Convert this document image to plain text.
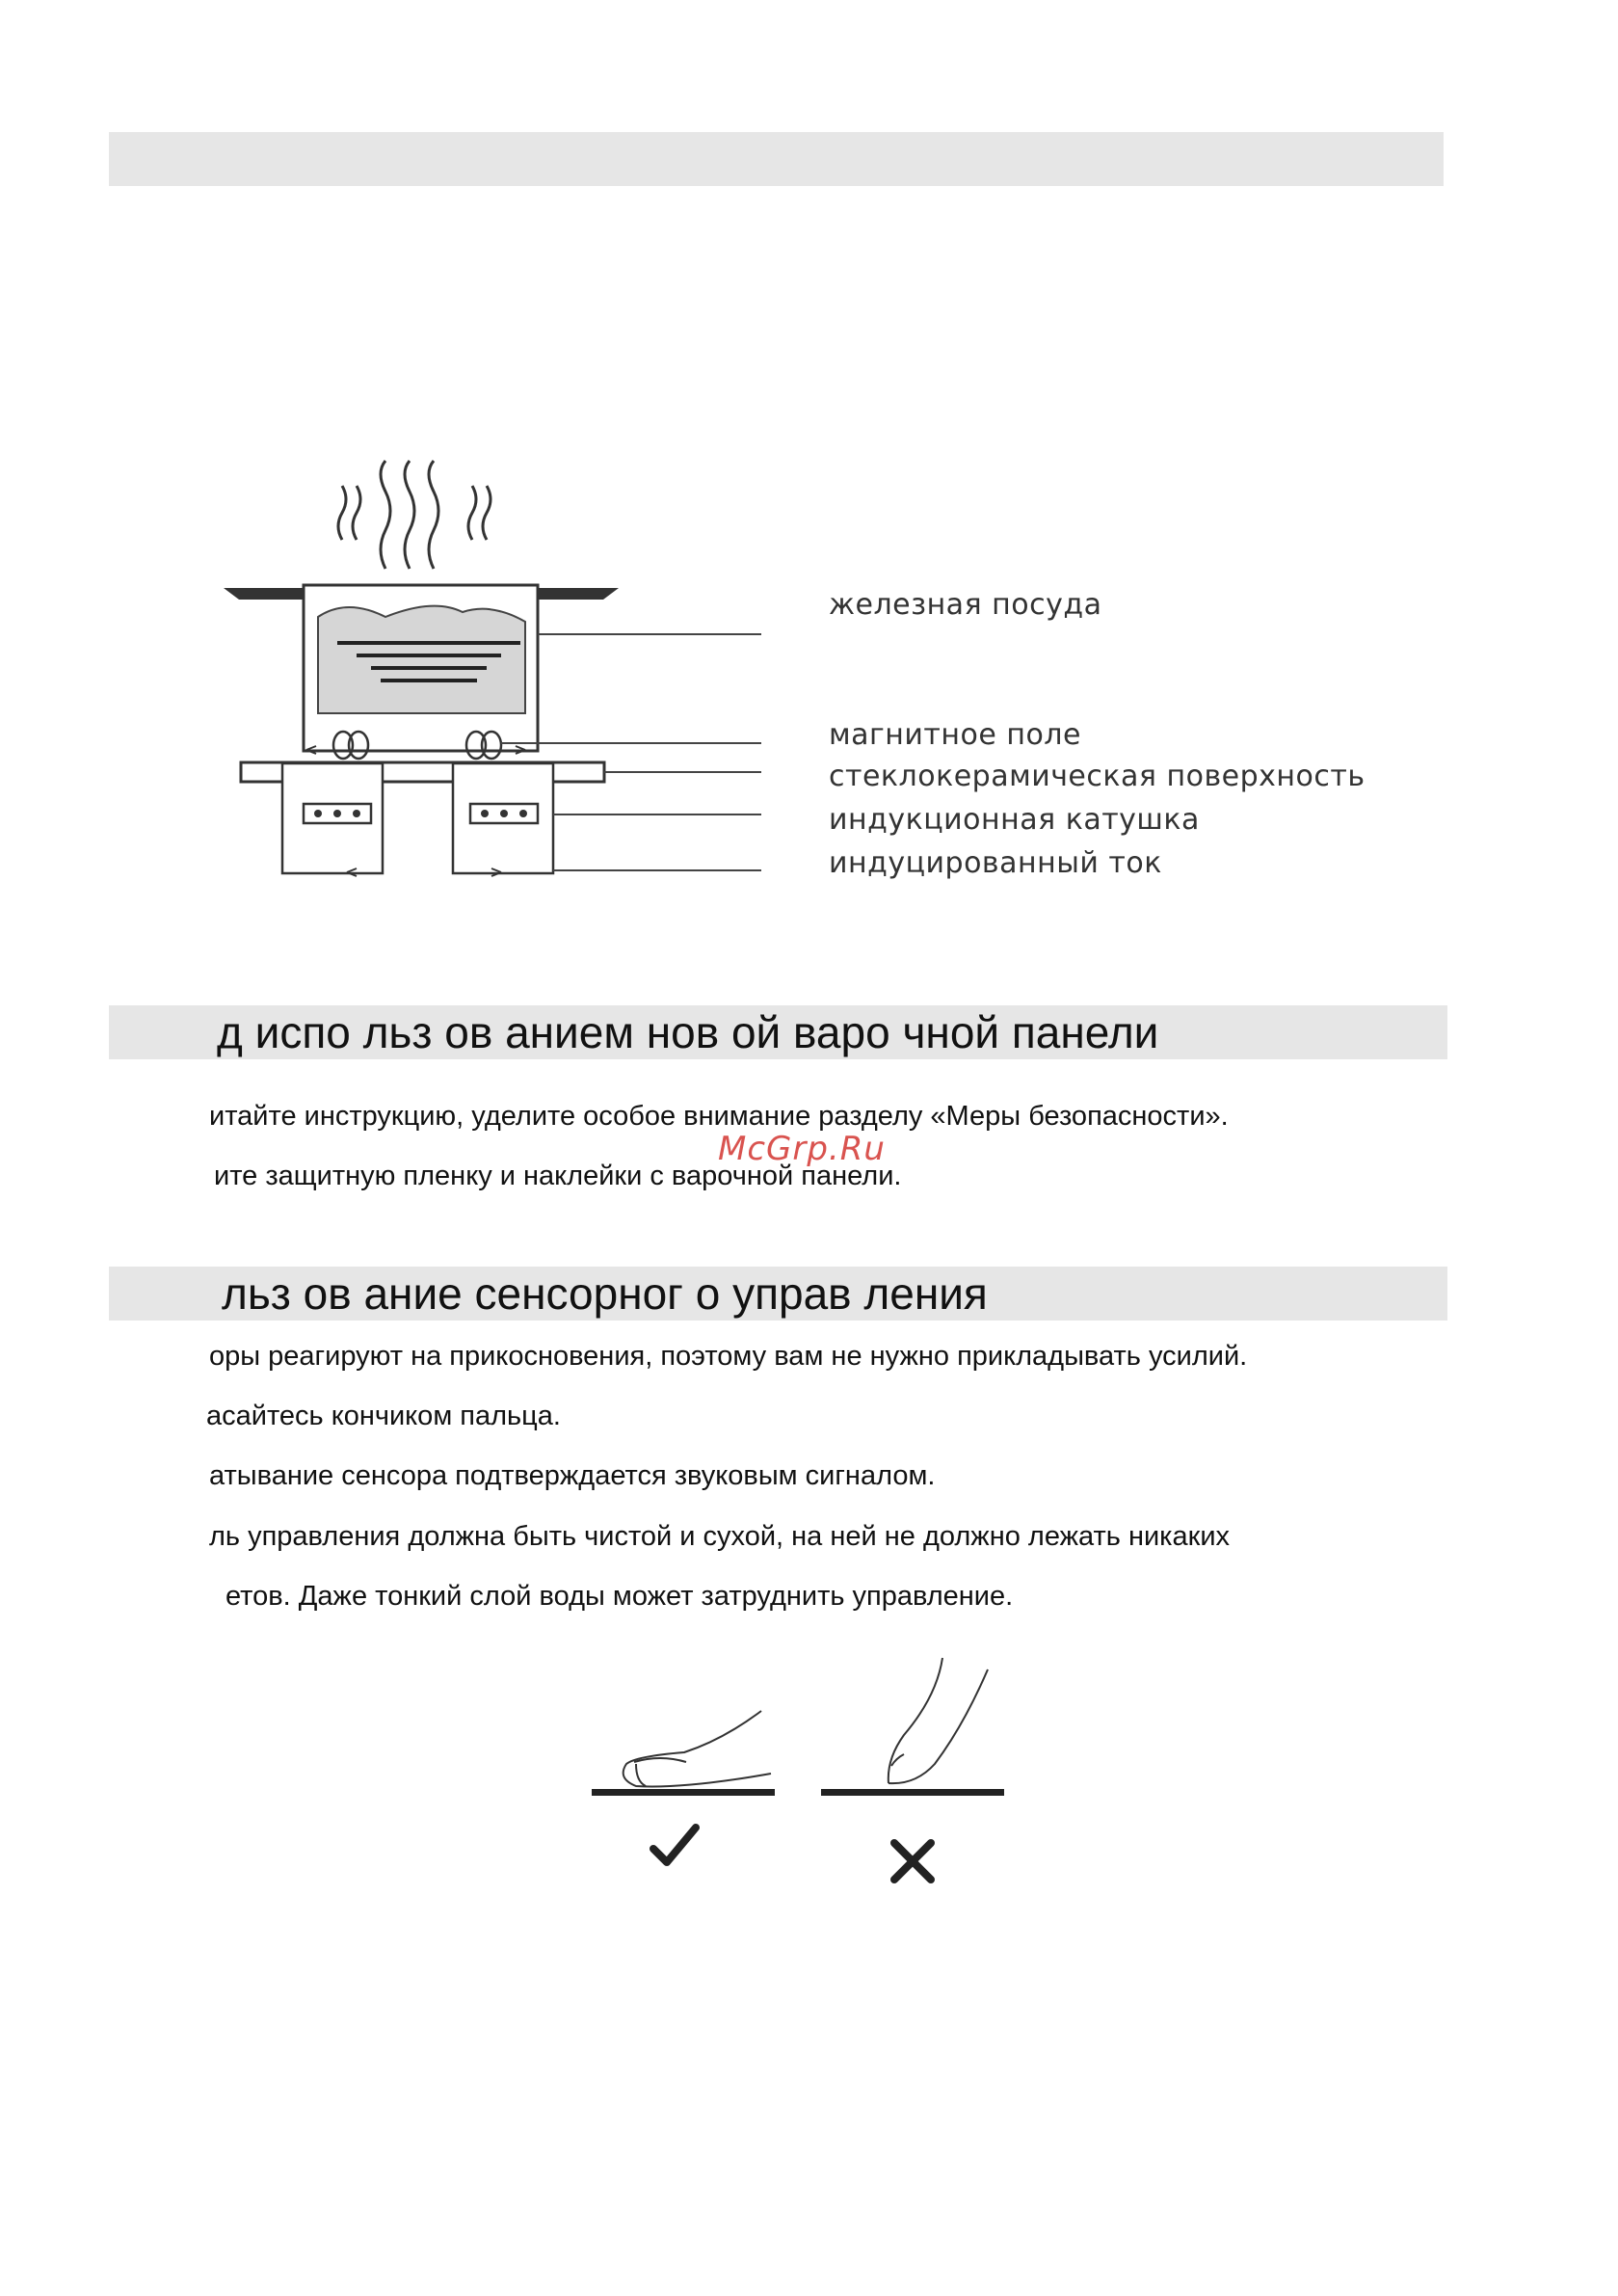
железная посуда
магнитное поле
стеклокерамическая поверхность
индукционная катушка
индуцированный ток
д испо льз ов анием нов ой варо чной панели
итайте инструкцию, уделите особое внимание разделу «Меры безопасности».
ите защитную пленку и наклейки с варочной панели.
McGrp.Ru
льз ов ание сенсорног о управ ления
оры реагируют на прикосновения, поэтому вам не нужно прикладывать усилий.
асайтесь кончиком пальца.
атывание сенсора подтверждается звуковым сигналом.
ль управления должна быть чистой и сухой, на ней не должно лежать никаких
етов. Даже тонкий слой воды может затруднить управление.
